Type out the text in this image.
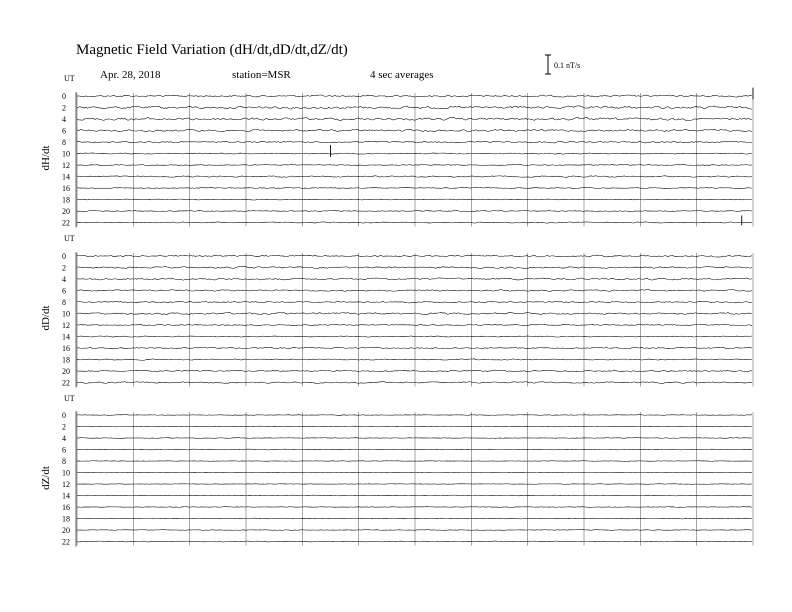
Magnetic Field Variation (dH/dt,dD/dt,dZ/dt)
Apr. 28, 2018	station=MSR	4 sec averages
0.1 nT/s
UT
dH/dt
0
2
4
6
8
10
12
14
16
18
20
22
UT
dD/dt
0
2
4
6
8
10
12
14
16
18
20
22
UT
dZ/dt
0
2
4
6
8
10
12
14
16
18
20
22
